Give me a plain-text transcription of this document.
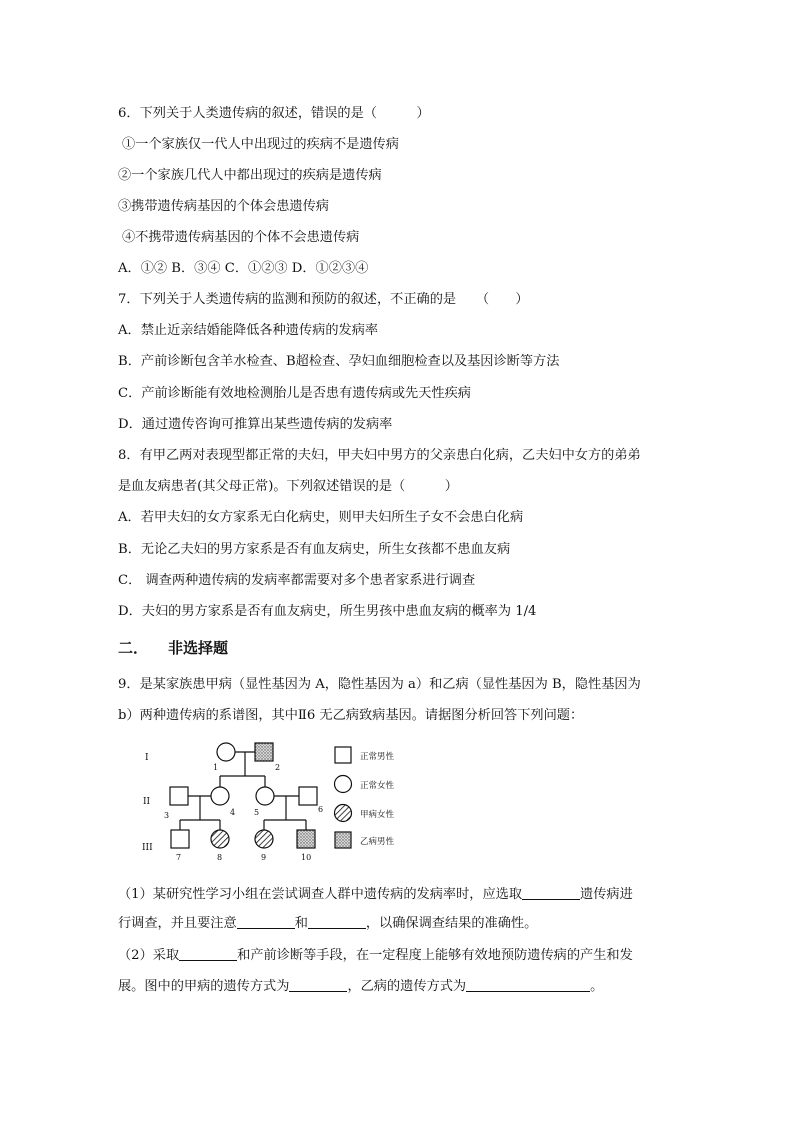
6．下列关于人类遗传病的叙述，错误的是（　　　）
①一个家族仅一代人中出现过的疾病不是遗传病
②一个家族几代人中都出现过的疾病是遗传病
③携带遗传病基因的个体会患遗传病
④不携带遗传病基因的个体不会患遗传病
A．①② B．③④ C．①②③ D．①②③④
7．下列关于人类遗传病的监测和预防的叙述，不正确的是　　（　　）
A．禁止近亲结婚能降低各种遗传病的发病率
B．产前诊断包含羊水检查、B超检查、孕妇血细胞检查以及基因诊断等方法
C．产前诊断能有效地检测胎儿是否患有遗传病或先天性疾病
D．通过遗传咨询可推算出某些遗传病的发病率
8．有甲乙两对表现型都正常的夫妇，甲夫妇中男方的父亲患白化病，乙夫妇中女方的弟弟
是血友病患者(其父母正常)。下列叙述错误的是（　　　）
A．若甲夫妇的女方家系无白化病史，则甲夫妇所生子女不会患白化病
B．无论乙夫妇的男方家系是否有血友病史，所生女孩都不患血友病
C． 调查两种遗传病的发病率都需要对多个患者家系进行调查
D．夫妇的男方家系是否有血友病史，所生男孩中患血友病的概率为 1/4
二． 非选择题
9．是某家族患甲病（显性基因为 A，隐性基因为 a）和乙病（显性基因为 B，隐性基因为
b）两种遗传病的系谱图，其中Ⅱ6 无乙病致病基因。请据图分析回答下列问题：
I
II
III
1	2
3	4 5	6
7	8	9	10
正常男性
正常女性
甲病女性
乙病男性
（1）某研究性学习小组在尝试调查人群中遗传病的发病率时，应选取	遗传病进
行调查，并且要注意	和	，以确保调查结果的准确性。
（2）采取	和产前诊断等手段，在一定程度上能够有效地预防遗传病的产生和发
展。图中的甲病的遗传方式为	，乙病的遗传方式为	。
